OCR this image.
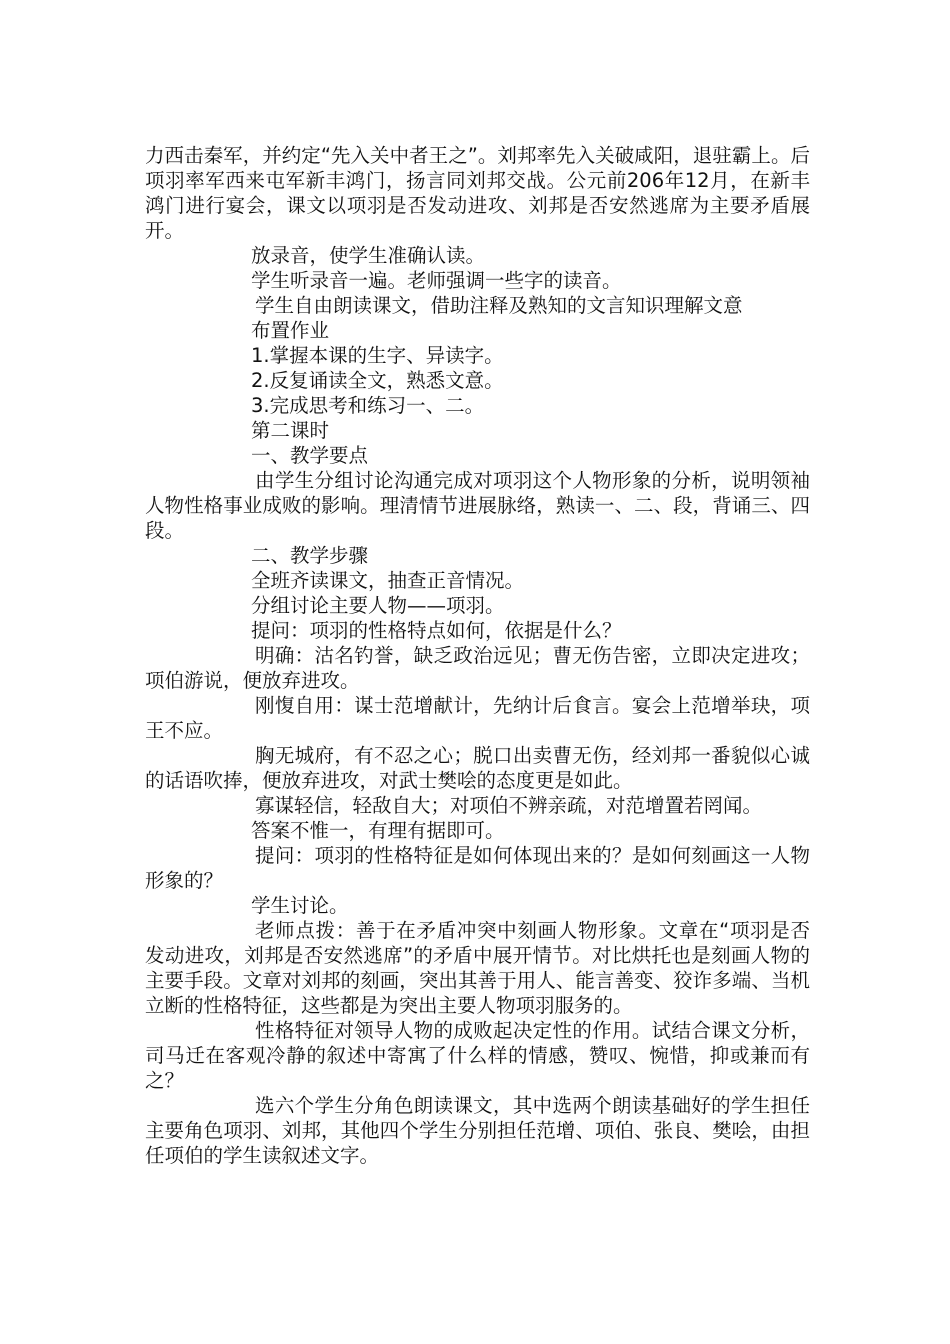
力西击秦军，并约定“先入关中者王之”。刘邦率先入关破咸阳，退驻霸上。后项羽率军西来屯军新丰鸿门，扬言同刘邦交战。公元前206年12月，在新丰鸿门进行宴会，课文以项羽是否发动进攻、刘邦是否安然逃席为主要矛盾展开。

放录音，使学生准确认读。

学生听录音一遍。老师强调一些字的读音。

学生自由朗读课文，借助注释及熟知的文言知识理解文意

布置作业

1.掌握本课的生字、异读字。

2.反复诵读全文，熟悉文意。

3.完成思考和练习一、二。

第二课时

一、教学要点

由学生分组讨论沟通完成对项羽这个人物形象的分析，说明领袖人物性格事业成败的影响。理清情节进展脉络，熟读一、二、段，背诵三、四段。

二、教学步骤

全班齐读课文，抽查正音情况。

分组讨论主要人物——项羽。

提问：项羽的性格特点如何，依据是什么？

明确：沽名钓誉，缺乏政治远见；曹无伤告密，立即决定进攻；项伯游说，便放弃进攻。

刚愎自用：谋士范增献计，先纳计后食言。宴会上范增举玦，项王不应。

胸无城府，有不忍之心；脱口出卖曹无伤，经刘邦一番貌似心诚的话语吹捧，便放弃进攻，对武士樊哙的态度更是如此。

寡谋轻信，轻敌自大；对项伯不辨亲疏，对范增置若罔闻。

答案不惟一，有理有据即可。

提问：项羽的性格特征是如何体现出来的？是如何刻画这一人物形象的？

学生讨论。

老师点拨：善于在矛盾冲突中刻画人物形象。文章在“项羽是否发动进攻，刘邦是否安然逃席”的矛盾中展开情节。对比烘托也是刻画人物的主要手段。文章对刘邦的刻画，突出其善于用人、能言善变、狡诈多端、当机立断的性格特征，这些都是为突出主要人物项羽服务的。

性格特征对领导人物的成败起决定性的作用。试结合课文分析，司马迁在客观冷静的叙述中寄寓了什么样的情感，赞叹、惋惜，抑或兼而有之？

选六个学生分角色朗读课文，其中选两个朗读基础好的学生担任主要角色项羽、刘邦，其他四个学生分别担任范增、项伯、张良、樊哙，由担任项伯的学生读叙述文字。
